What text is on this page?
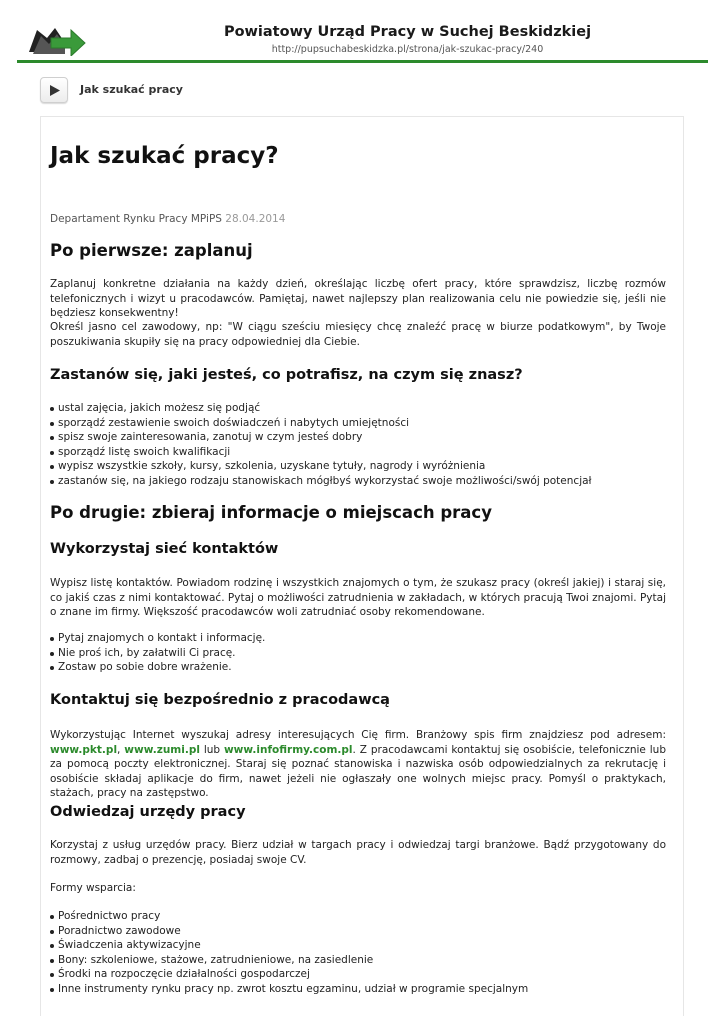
Powiatowy Urząd Pracy w Suchej Beskidzkiej
http://pupsuchabeskidzka.pl/strona/jak-szukac-pracy/240
Jak szukać pracy
Jak szukać pracy?
Departament Rynku Pracy MPiPS 28.04.2014
Po pierwsze: zaplanuj

Zaplanuj konkretne działania na każdy dzień, określając liczbę ofert pracy, które sprawdzisz, liczbę rozmów telefonicznych i wizyt u pracodawców. Pamiętaj, nawet najlepszy plan realizowania celu nie powiedzie się, jeśli nie będziesz konsekwentny!

Określ jasno cel zawodowy, np: "W ciągu sześciu miesięcy chcę znaleźć pracę w biurze podatkowym", by Twoje poszukiwania skupiły się na pracy odpowiedniej dla Ciebie.

Zastanów się, jaki jesteś, co potrafisz, na czym się znasz?
ustal zajęcia, jakich możesz się podjąć
sporządź zestawienie swoich doświadczeń i nabytych umiejętności
spisz swoje zainteresowania, zanotuj w czym jesteś dobry
sporządź listę swoich kwalifikacji
wypisz wszystkie szkoły, kursy, szkolenia, uzyskane tytuły, nagrody i wyróżnienia
zastanów się, na jakiego rodzaju stanowiskach mógłbyś wykorzystać swoje możliwości/swój potencjał
Po drugie: zbieraj informacje o miejscach pracy
Wykorzystaj sieć kontaktów

Wypisz listę kontaktów. Powiadom rodzinę i wszystkich znajomych o tym, że szukasz pracy (określ jakiej) i staraj się, co jakiś czas z nimi kontaktować. Pytaj o możliwości zatrudnienia w zakładach, w których pracują Twoi znajomi. Pytaj o znane im firmy. Większość pracodawców woli zatrudniać osoby rekomendowane.

Pytaj znajomych o kontakt i informację.
Nie proś ich, by załatwili Ci pracę.
Zostaw po sobie dobre wrażenie.
Kontaktuj się bezpośrednio z pracodawcą

Wykorzystując Internet wyszukaj adresy interesujących Cię firm. Branżowy spis firm znajdziesz pod adresem: www.pkt.pl, www.zumi.pl lub www.infofirmy.com.pl. Z pracodawcami kontaktuj się osobiście, telefonicznie lub za pomocą poczty elektronicznej. Staraj się poznać stanowiska i nazwiska osób odpowiedzialnych za rekrutację i osobiście składaj aplikacje do firm, nawet jeżeli nie ogłaszały one wolnych miejsc pracy. Pomyśl o praktykach, stażach, pracy na zastępstwo.

Odwiedzaj urzędy pracy

Korzystaj z usług urzędów pracy. Bierz udział w targach pracy i odwiedzaj targi branżowe. Bądź przygotowany do rozmowy, zadbaj o prezencję, posiadaj swoje CV.

Formy wsparcia:

Pośrednictwo pracy
Poradnictwo zawodowe
Świadczenia aktywizacyjne
Bony: szkoleniowe, stażowe, zatrudnieniowe, na zasiedlenie
Środki na rozpoczęcie działalności gospodarczej
Inne instrumenty rynku pracy np. zwrot kosztu egzaminu, udział w programie specjalnym
